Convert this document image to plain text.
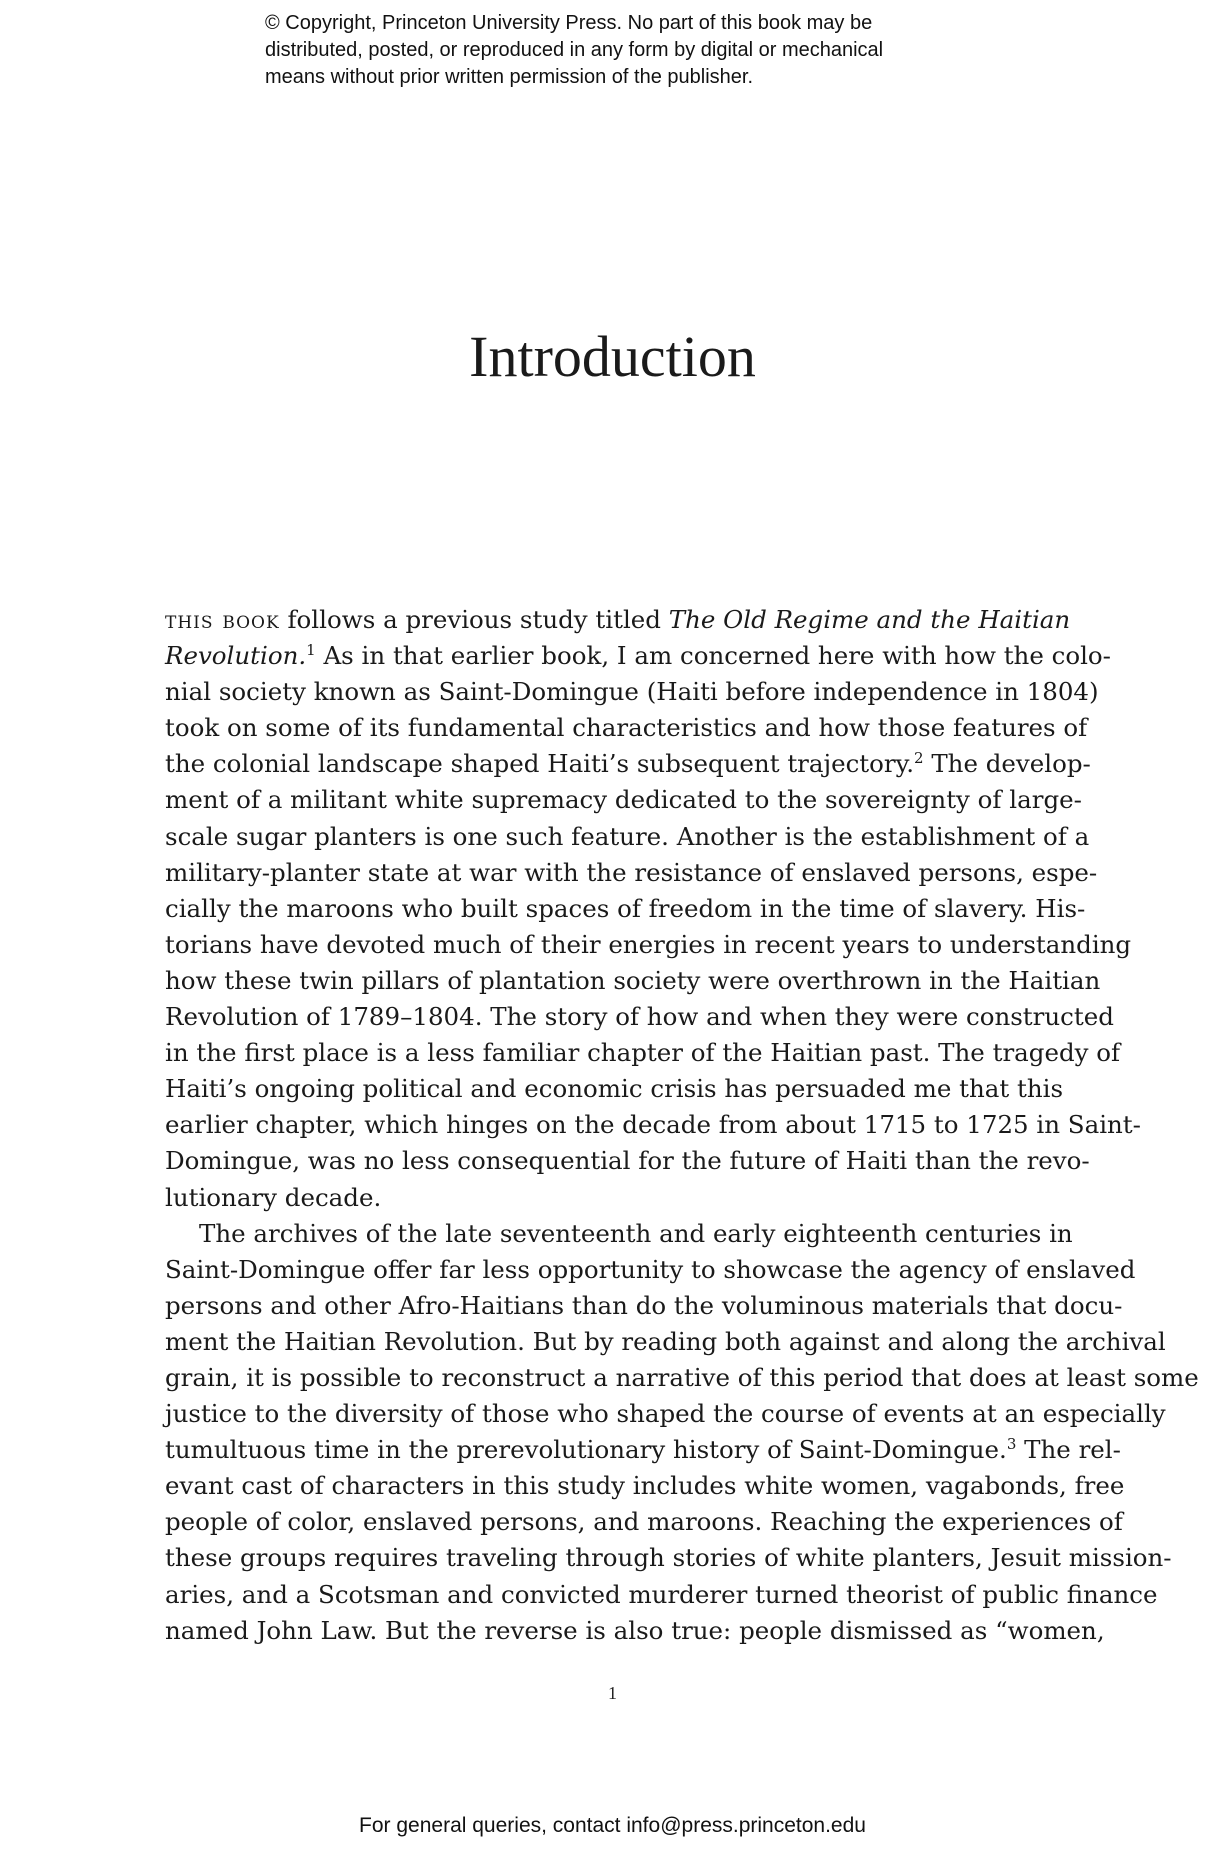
© Copyright, Princeton University Press. No part of this book may be
distributed, posted, or reproduced in any form by digital or mechanical
means without prior written permission of the publisher.
Introduction
this book follows a previous study titled The Old Regime and the Haitian
Revolution.$^1$ As in that earlier book, I am concerned here with how the colo-
nial society known as Saint-Domingue (Haiti before independence in 1804)
took on some of its fundamental characteristics and how those features of
the colonial landscape shaped Haiti’s subsequent trajectory.$^2$ The develop-
ment of a militant white supremacy dedicated to the sovereignty of large-
scale sugar planters is one such feature. Another is the establishment of a
military-planter state at war with the resistance of enslaved persons, espe-
cially the maroons who built spaces of freedom in the time of slavery. His-
torians have devoted much of their energies in recent years to understanding
how these twin pillars of plantation society were overthrown in the Haitian
Revolution of 1789–1804. The story of how and when they were constructed
in the first place is a less familiar chapter of the Haitian past. The tragedy of
Haiti’s ongoing political and economic crisis has persuaded me that this
earlier chapter, which hinges on the decade from about 1715 to 1725 in Saint-
Domingue, was no less consequential for the future of Haiti than the revo-
lutionary decade.
The archives of the late seventeenth and early eighteenth centuries in
Saint-Domingue offer far less opportunity to showcase the agency of enslaved
persons and other Afro-Haitians than do the voluminous materials that docu-
ment the Haitian Revolution. But by reading both against and along the archival
grain, it is possible to reconstruct a narrative of this period that does at least some
justice to the diversity of those who shaped the course of events at an especially
tumultuous time in the prerevolutionary history of Saint-Domingue.$^3$ The rel-
evant cast of characters in this study includes white women, vagabonds, free
people of color, enslaved persons, and maroons. Reaching the experiences of
these groups requires traveling through stories of white planters, Jesuit mission-
aries, and a Scotsman and convicted murderer turned theorist of public finance
named John Law. But the reverse is also true: people dismissed as “women,
1
For general queries, contact info@press.princeton.edu
